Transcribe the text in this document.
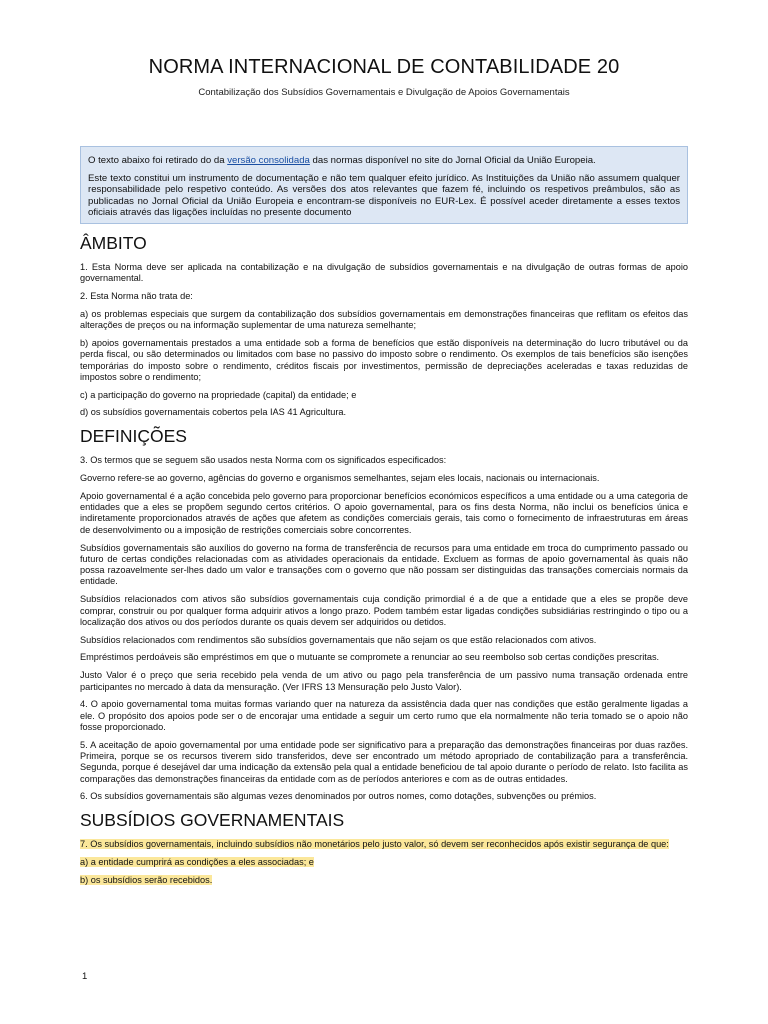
NORMA INTERNACIONAL DE CONTABILIDADE 20
Contabilização dos Subsídios Governamentais e Divulgação de Apoios Governamentais

O texto abaixo foi retirado do da versão consolidada das normas disponível no site do Jornal Oficial da União Europeia.

Este texto constitui um instrumento de documentação e não tem qualquer efeito jurídico. As Instituições da União não assumem qualquer responsabilidade pelo respetivo conteúdo. As versões dos atos relevantes que fazem fé, incluindo os respetivos preâmbulos, são as publicadas no Jornal Oficial da União Europeia e encontram-se disponíveis no EUR-Lex. É possível aceder diretamente a esses textos oficiais através das ligações incluídas no presente documento

ÂMBITO

1. Esta Norma deve ser aplicada na contabilização e na divulgação de subsídios governamentais e na divulgação de outras formas de apoio governamental.

2. Esta Norma não trata de:

a) os problemas especiais que surgem da contabilização dos subsídios governamentais em demonstrações financeiras que reflitam os efeitos das alterações de preços ou na informação suplementar de uma natureza semelhante;

b) apoios governamentais prestados a uma entidade sob a forma de benefícios que estão disponíveis na determinação do lucro tributável ou da perda fiscal, ou são determinados ou limitados com base no passivo do imposto sobre o rendimento. Os exemplos de tais benefícios são isenções temporárias do imposto sobre o rendimento, créditos fiscais por investimentos, permissão de depreciações aceleradas e taxas reduzidas de impostos sobre o rendimento;

c) a participação do governo na propriedade (capital) da entidade; e

d) os subsídios governamentais cobertos pela IAS 41 Agricultura.

DEFINIÇÕES

3. Os termos que se seguem são usados nesta Norma com os significados especificados:

Governo refere-se ao governo, agências do governo e organismos semelhantes, sejam eles locais, nacionais ou internacionais.

Apoio governamental é a ação concebida pelo governo para proporcionar benefícios económicos específicos a uma entidade ou a uma categoria de entidades que a eles se propõem segundo certos critérios. O apoio governamental, para os fins desta Norma, não inclui os benefícios única e indiretamente proporcionados através de ações que afetem as condições comerciais gerais, tais como o fornecimento de infraestruturas em áreas de desenvolvimento ou a imposição de restrições comerciais sobre concorrentes.

Subsídios governamentais são auxílios do governo na forma de transferência de recursos para uma entidade em troca do cumprimento passado ou futuro de certas condições relacionadas com as atividades operacionais da entidade. Excluem as formas de apoio governamental às quais não possa razoavelmente ser-lhes dado um valor e transações com o governo que não possam ser distinguidas das transações comerciais normais da entidade.

Subsídios relacionados com ativos são subsídios governamentais cuja condição primordial é a de que a entidade que a eles se propõe deve comprar, construir ou por qualquer forma adquirir ativos a longo prazo. Podem também estar ligadas condições subsidiárias restringindo o tipo ou a localização dos ativos ou dos períodos durante os quais devem ser adquiridos ou detidos.

Subsídios relacionados com rendimentos são subsídios governamentais que não sejam os que estão relacionados com ativos.

Empréstimos perdoáveis são empréstimos em que o mutuante se compromete a renunciar ao seu reembolso sob certas condições prescritas.

Justo Valor é o preço que seria recebido pela venda de um ativo ou pago pela transferência de um passivo numa transação ordenada entre participantes no mercado à data da mensuração. (Ver IFRS 13 Mensuração pelo Justo Valor).

4. O apoio governamental toma muitas formas variando quer na natureza da assistência dada quer nas condições que estão geralmente ligadas a ele. O propósito dos apoios pode ser o de encorajar uma entidade a seguir um certo rumo que ela normalmente não teria tomado se o apoio não fosse proporcionado.

5. A aceitação de apoio governamental por uma entidade pode ser significativo para a preparação das demonstrações financeiras por duas razões. Primeira, porque se os recursos tiverem sido transferidos, deve ser encontrado um método apropriado de contabilização para a transferência. Segunda, porque é desejável dar uma indicação da extensão pela qual a entidade beneficiou de tal apoio durante o período de relato. Isto facilita as comparações das demonstrações financeiras da entidade com as de períodos anteriores e com as de outras entidades.

6. Os subsídios governamentais são algumas vezes denominados por outros nomes, como dotações, subvenções ou prémios.

SUBSÍDIOS GOVERNAMENTAIS

7. Os subsídios governamentais, incluindo subsídios não monetários pelo justo valor, só devem ser reconhecidos após existir segurança de que:

a) a entidade cumprirá as condições a eles associadas; e

b) os subsídios serão recebidos.

1
